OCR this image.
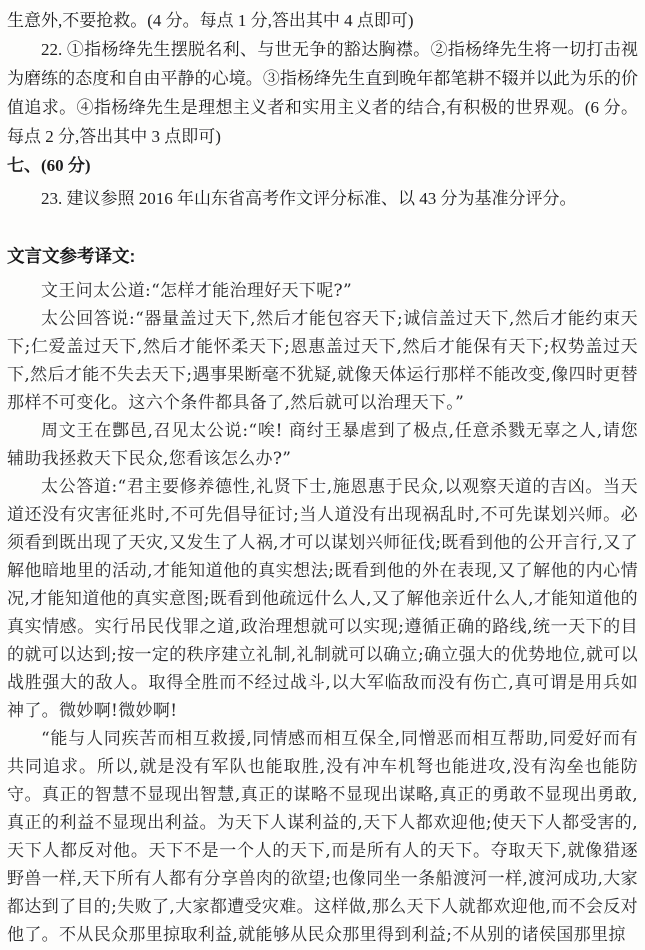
生意外,不要抢救。(4 分。每点 1 分,答出其中 4 点即可)

22. ①指杨绛先生摆脱名利、与世无争的豁达胸襟。②指杨绛先生将一切打击视为磨练的态度和自由平静的心境。③指杨绛先生直到晚年都笔耕不辍并以此为乐的价值追求。④指杨绛先生是理想主义者和实用主义者的结合,有积极的世界观。(6 分。每点 2 分,答出其中 3 点即可)

七、(60 分)

23. 建议参照 2016 年山东省高考作文评分标准、以 43 分为基准分评分。

文言文参考译文:

文王问太公道:“怎样才能治理好天下呢?”

太公回答说:“器量盖过天下,然后才能包容天下;诚信盖过天下,然后才能约束天下;仁爱盖过天下,然后才能怀柔天下;恩惠盖过天下,然后才能保有天下;权势盖过天下,然后才能不失去天下;遇事果断毫不犹疑,就像天体运行那样不能改变,像四时更替那样不可变化。这六个条件都具备了,然后就可以治理天下。”

周文王在酆邑,召见太公说:“唉! 商纣王暴虐到了极点,任意杀戮无辜之人,请您辅助我拯救天下民众,您看该怎么办?”

太公答道:“君主要修养德性,礼贤下士,施恩惠于民众,以观察天道的吉凶。当天道还没有灾害征兆时,不可先倡导征讨;当人道没有出现祸乱时,不可先谋划兴师。必须看到既出现了天灾,又发生了人祸,才可以谋划兴师征伐;既看到他的公开言行,又了解他暗地里的活动,才能知道他的真实想法;既看到他的外在表现,又了解他的内心情况,才能知道他的真实意图;既看到他疏远什么人,又了解他亲近什么人,才能知道他的真实情感。实行吊民伐罪之道,政治理想就可以实现;遵循正确的路线,统一天下的目的就可以达到;按一定的秩序建立礼制,礼制就可以确立;确立强大的优势地位,就可以战胜强大的敌人。取得全胜而不经过战斗,以大军临敌而没有伤亡,真可谓是用兵如神了。微妙啊!微妙啊!

“能与人同疾苦而相互救援,同情感而相互保全,同憎恶而相互帮助,同爱好而有共同追求。所以,就是没有军队也能取胜,没有冲车机弩也能进攻,没有沟垒也能防守。真正的智慧不显现出智慧,真正的谋略不显现出谋略,真正的勇敢不显现出勇敢,真正的利益不显现出利益。为天下人谋利益的,天下人都欢迎他;使天下人都受害的,天下人都反对他。天下不是一个人的天下,而是所有人的天下。夺取天下,就像猎逐野兽一样,天下所有人都有分享兽肉的欲望;也像同坐一条船渡河一样,渡河成功,大家都达到了目的;失败了,大家都遭受灾难。这样做,那么天下人就都欢迎他,而不会反对他了。不从民众那里掠取利益,就能够从民众那里得到利益;不从别的诸侯国那里掠
